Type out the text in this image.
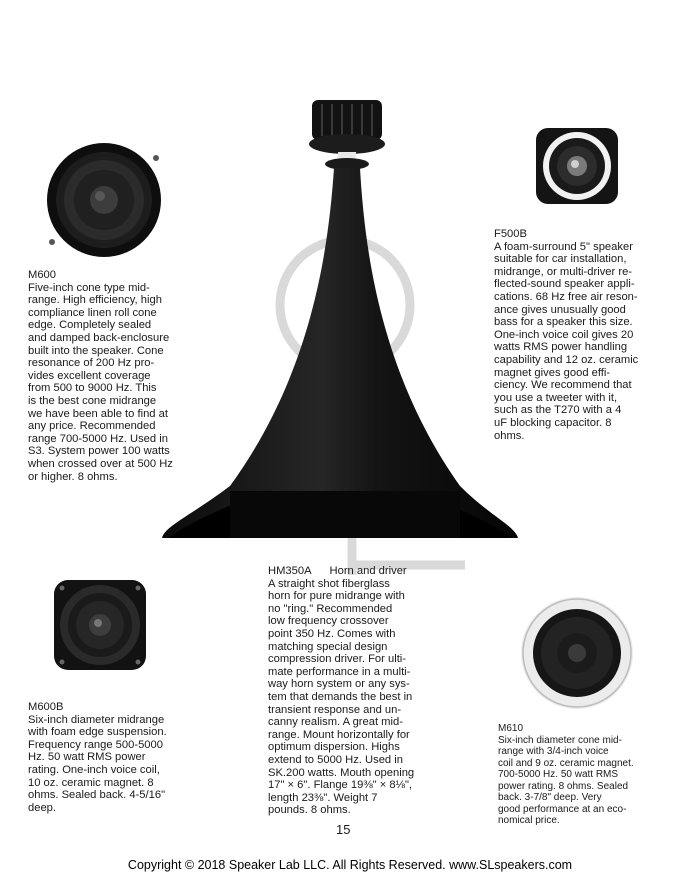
M600
Five-inch cone type mid-
range. High efficiency, high
compliance linen roll cone
edge. Completely sealed
and damped back-enclosure
built into the speaker. Cone
resonance of 200 Hz pro-
vides excellent coverage
from 500 to 9000 Hz. This
is the best cone midrange
we have been able to find at
any price. Recommended
range 700-5000 Hz. Used in
S3. System power 100 watts
when crossed over at 500 Hz
or higher. 8 ohms.
F500B
A foam-surround 5" speaker
suitable for car installation,
midrange, or multi-driver re-
flected-sound speaker appli-
cations. 68 Hz free air reson-
ance gives unusually good
bass for a speaker this size.
One-inch voice coil gives 20
watts RMS power handling
capability and 12 oz. ceramic
magnet gives good effi-
ciency. We recommend that
you use a tweeter with it,
such as the T270 with a 4
uF blocking capacitor. 8
ohms.
HM350A Horn and driver
A straight shot fiberglass
horn for pure midrange with
no "ring." Recommended
low frequency crossover
point 350 Hz. Comes with
matching special design
compression driver. For ulti-
mate performance in a multi-
way horn system or any sys-
tem that demands the best in
transient response and un-
canny realism. A great mid-
range. Mount horizontally for
optimum dispersion. Highs
extend to 5000 Hz. Used in
SK.200 watts. Mouth opening
17" × 6". Flange 19⅜" × 8⅛",
length 23⅜". Weight 7
pounds. 8 ohms.
M600B
Six-inch diameter midrange
with foam edge suspension.
Frequency range 500-5000
Hz. 50 watt RMS power
rating. One-inch voice coil,
10 oz. ceramic magnet. 8
ohms. Sealed back. 4-5/16"
deep.
M610
Six-inch diameter cone mid-
range with 3/4-inch voice
coil and 9 oz. ceramic magnet.
700-5000 Hz. 50 watt RMS
power rating. 8 ohms. Sealed
back. 3-7/8" deep. Very
good performance at an eco-
nomical price.
15
Copyright © 2018 Speaker Lab LLC. All Rights Reserved. www.SLspeakers.com
